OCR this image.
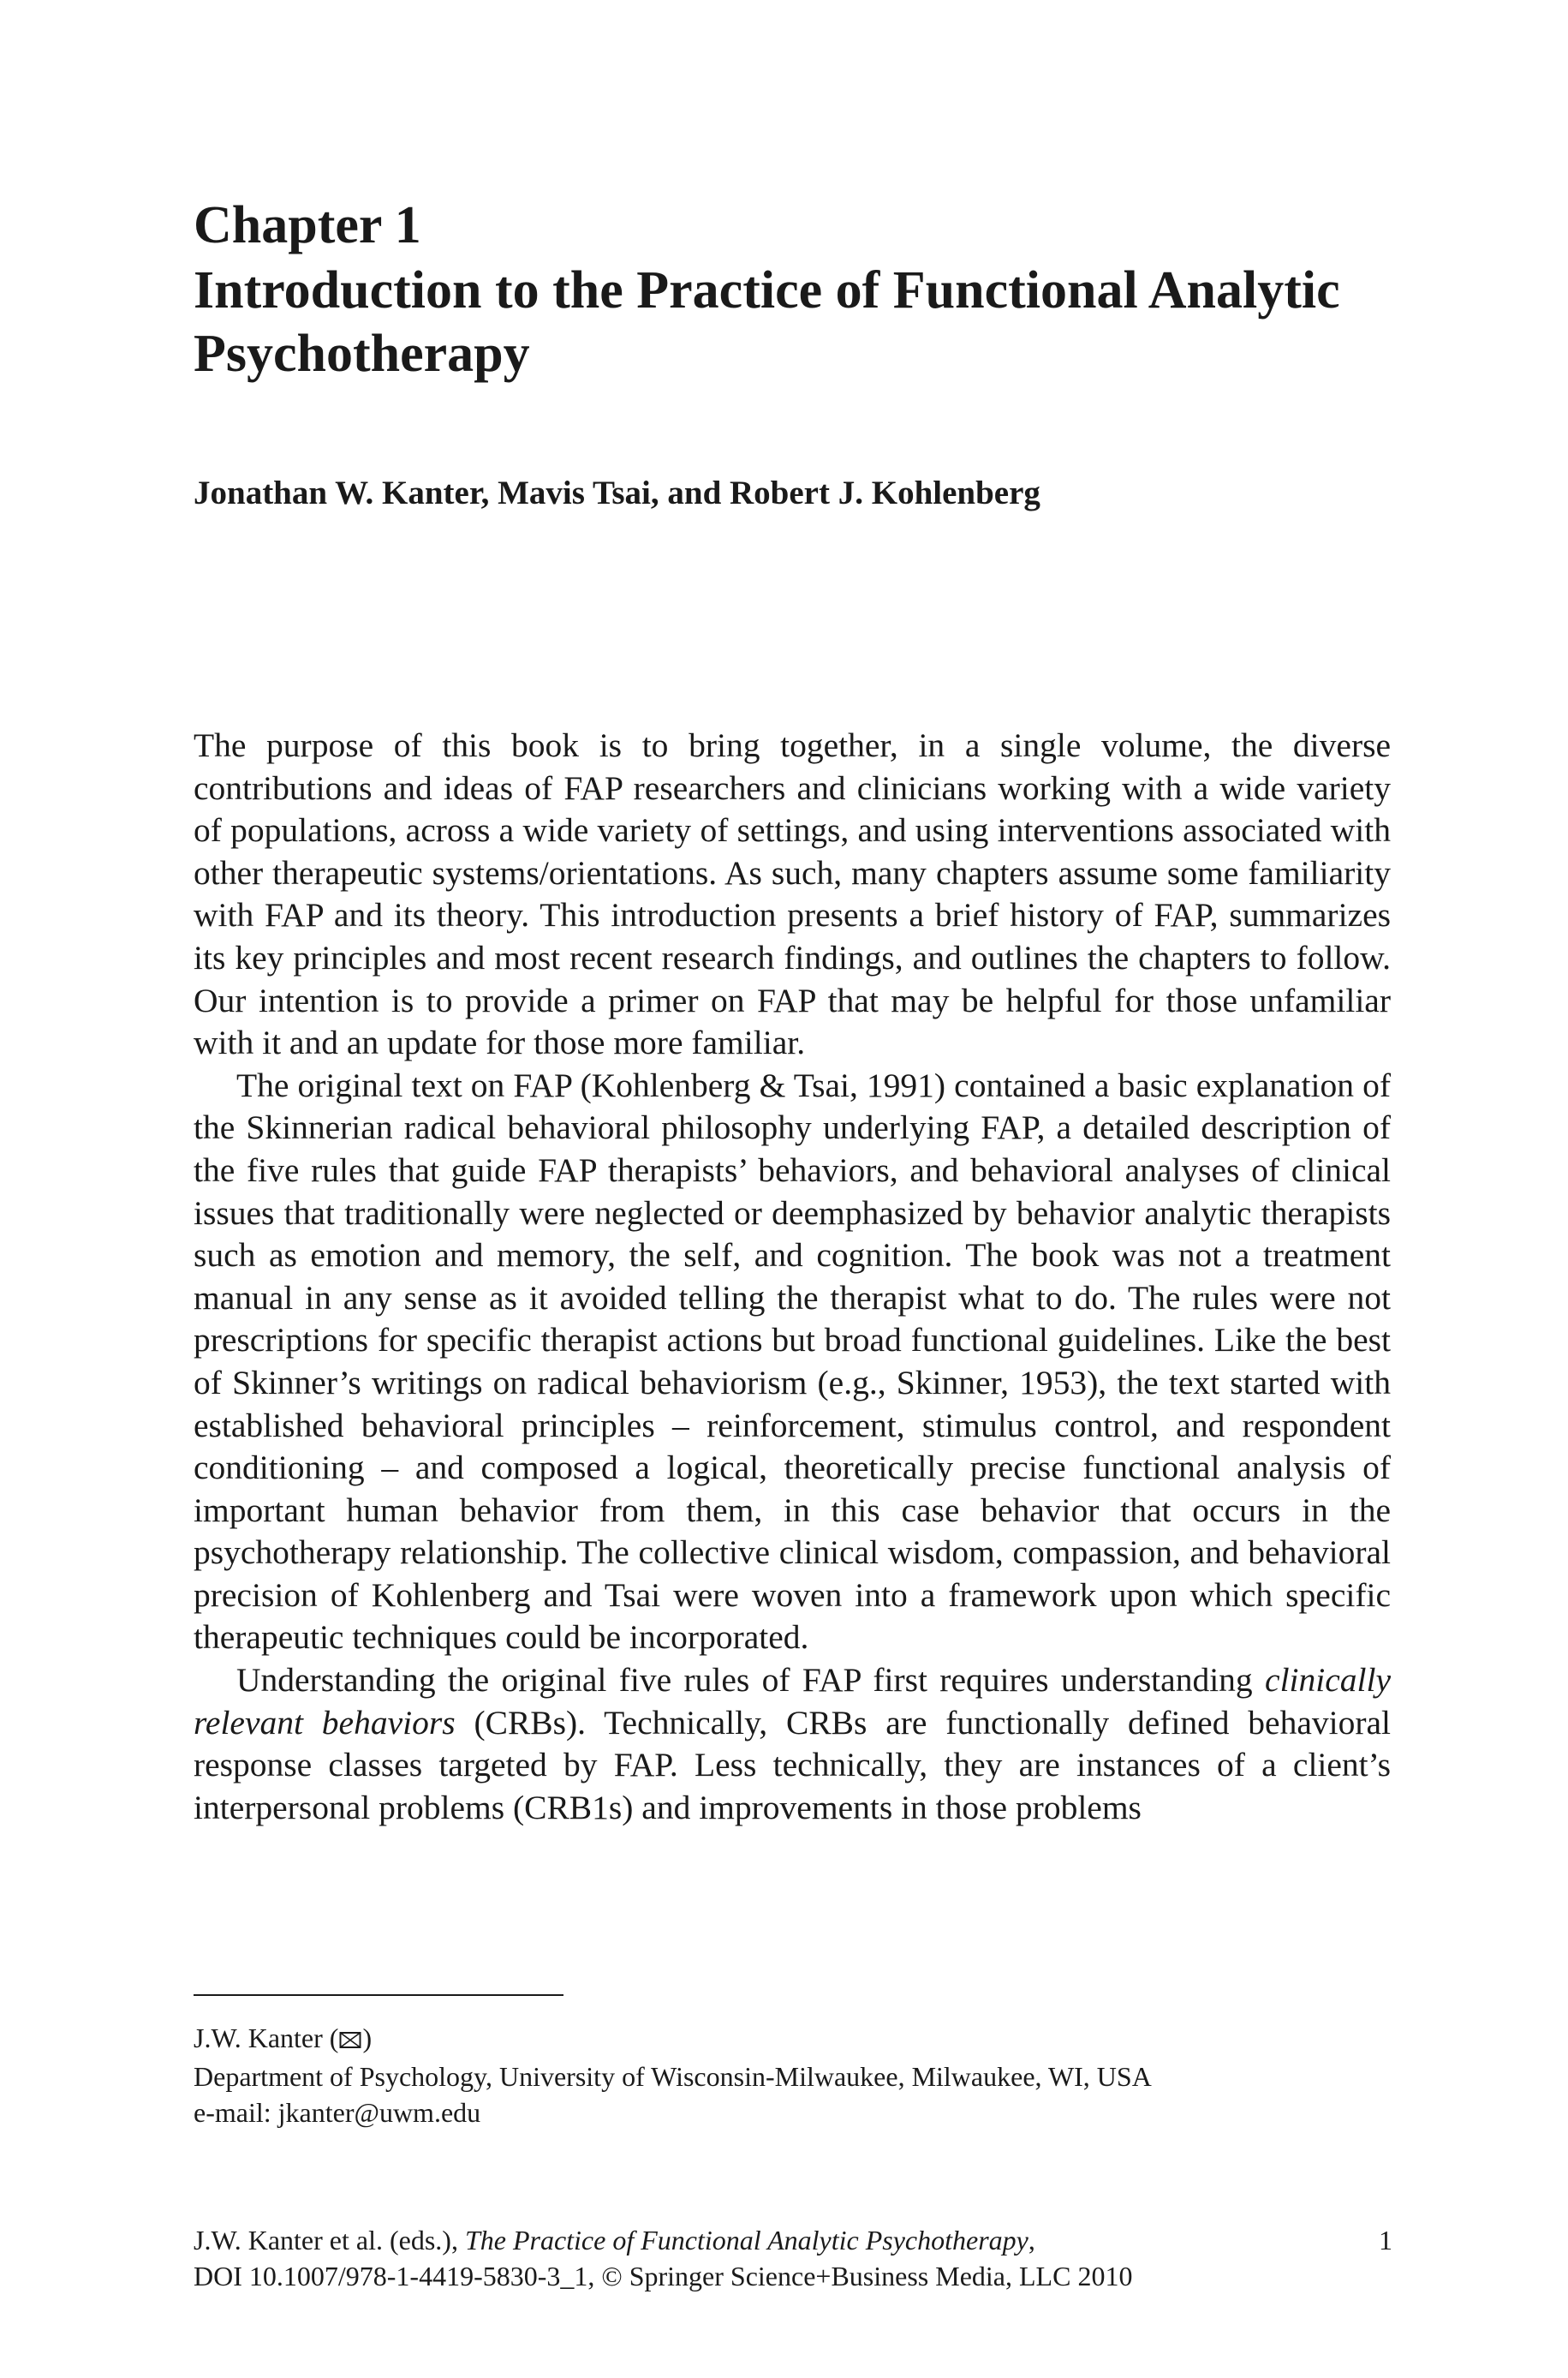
Chapter 1
Introduction to the Practice of Functional Analytic Psychotherapy
Jonathan W. Kanter, Mavis Tsai, and Robert J. Kohlenberg

The purpose of this book is to bring together, in a single volume, the diverse contributions and ideas of FAP researchers and clinicians working with a wide variety of populations, across a wide variety of settings, and using interventions associated with other therapeutic systems/orientations. As such, many chapters assume some familiarity with FAP and its theory. This introduction presents a brief history of FAP, summarizes its key principles and most recent research findings, and outlines the chapters to follow. Our intention is to provide a primer on FAP that may be helpful for those unfamiliar with it and an update for those more familiar.

The original text on FAP (Kohlenberg & Tsai, 1991) contained a basic explanation of the Skinnerian radical behavioral philosophy underlying FAP, a detailed description of the five rules that guide FAP therapists’ behaviors, and behavioral analyses of clinical issues that traditionally were neglected or deemphasized by behavior analytic therapists such as emotion and memory, the self, and cognition. The book was not a treatment manual in any sense as it avoided telling the therapist what to do. The rules were not prescriptions for specific therapist actions but broad functional guidelines. Like the best of Skinner’s writings on radical behaviorism (e.g., Skinner, 1953), the text started with established behavioral principles – reinforcement, stimulus control, and respondent conditioning – and composed a logical, theoretically precise functional analysis of important human behavior from them, in this case behavior that occurs in the psychotherapy relationship. The collective clinical wisdom, compassion, and behavioral precision of Kohlenberg and Tsai were woven into a framework upon which specific therapeutic techniques could be incorporated.

Understanding the original five rules of FAP first requires understanding clinically relevant behaviors (CRBs). Technically, CRBs are functionally defined behavioral response classes targeted by FAP. Less technically, they are instances of a client’s interpersonal problems (CRB1s) and improvements in those problems

J.W. Kanter ( )
Department of Psychology, University of Wisconsin-Milwaukee, Milwaukee, WI, USA
e-mail: jkanter@uwm.edu
J.W. Kanter et al. (eds.), The Practice of Functional Analytic Psychotherapy,
DOI 10.1007/978-1-4419-5830-3_1, © Springer Science+Business Media, LLC 2010
1
